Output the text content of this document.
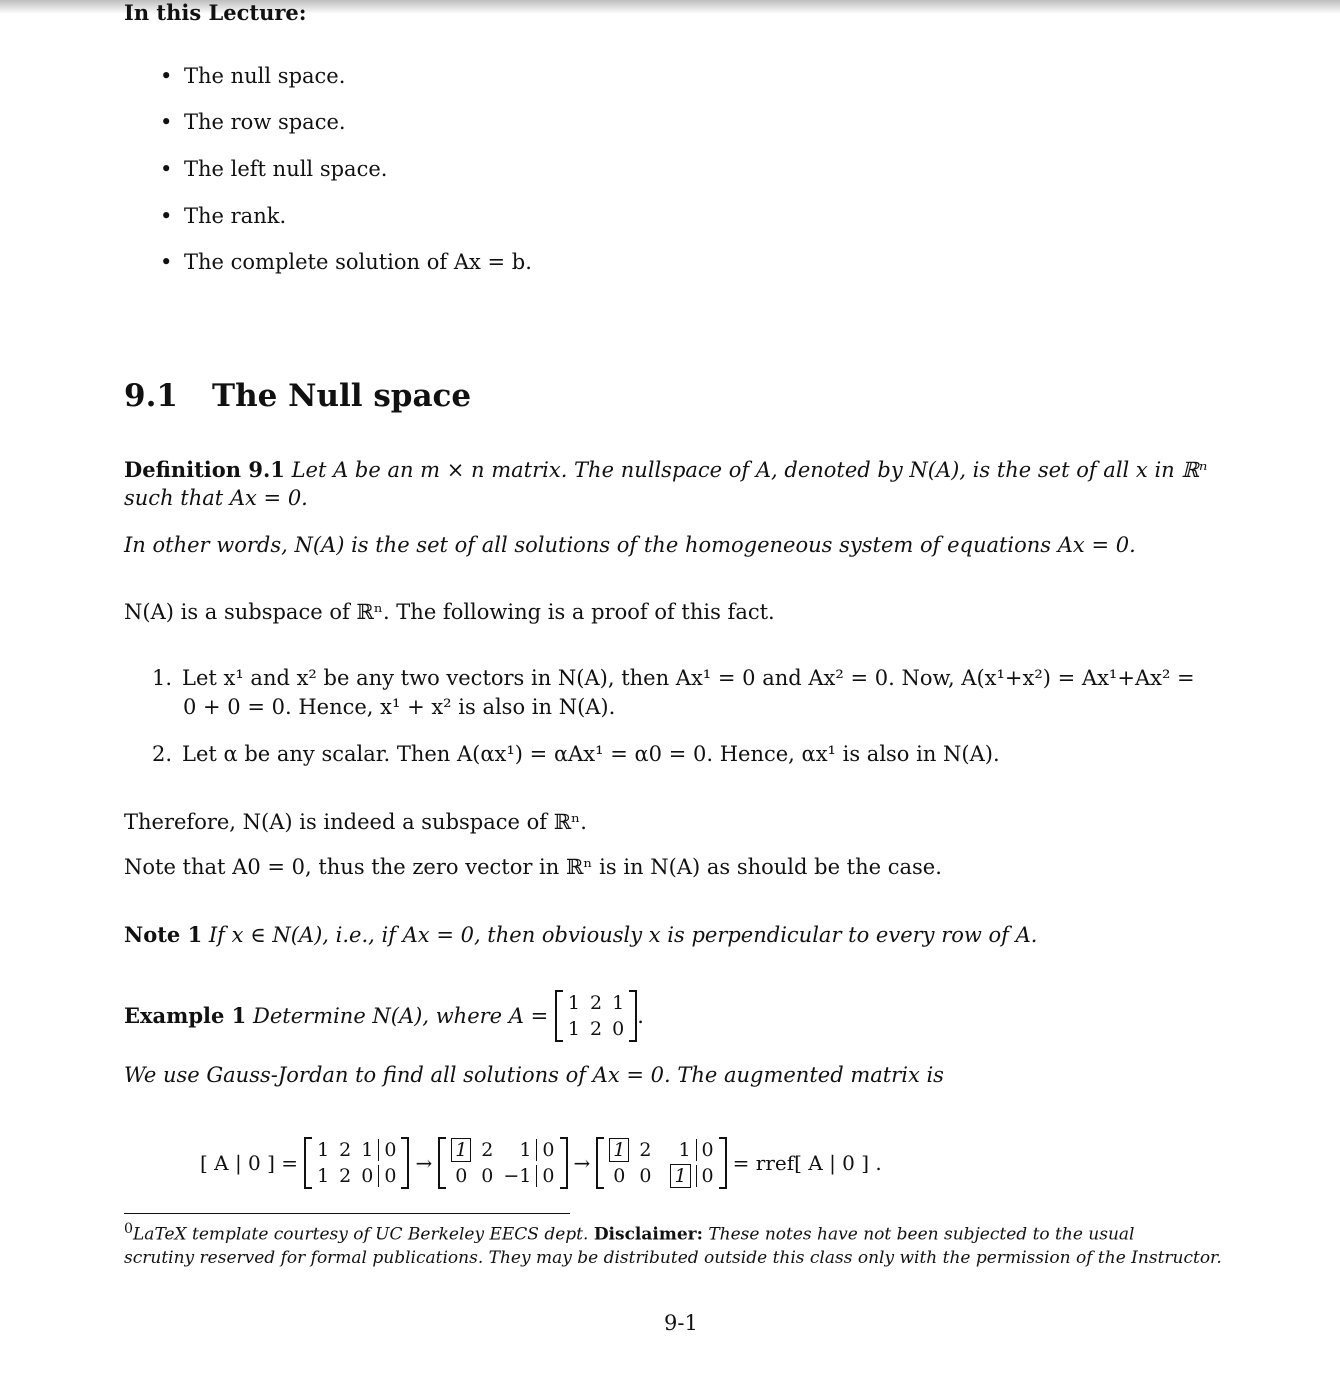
In this Lecture:
• The null space.
• The row space.
• The left null space.
• The rank.
• The complete solution of Ax = b.
9.1 The Null space
Definition 9.1 Let A be an m × n matrix. The nullspace of A, denoted by N(A), is the set of all x in ℝⁿ
such that Ax = 0.
In other words, N(A) is the set of all solutions of the homogeneous system of equations Ax = 0.
N(A) is a subspace of ℝⁿ. The following is a proof of this fact.
1. Let x¹ and x² be any two vectors in N(A), then Ax¹ = 0 and Ax² = 0. Now, A(x¹+x²) = Ax¹+Ax² =
0 + 0 = 0. Hence, x¹ + x² is also in N(A).
2. Let α be any scalar. Then A(αx¹) = αAx¹ = α0 = 0. Hence, αx¹ is also in N(A).
Therefore, N(A) is indeed a subspace of ℝⁿ.
Note that A0 = 0, thus the zero vector in ℝⁿ is in N(A) as should be the case.
Note 1 If x ∈ N(A), i.e., if Ax = 0, then obviously x is perpendicular to every row of A.
Example 1
Determine N(A), where A =

1 2 1
1 2 0
.
We use Gauss-Jordan to find all solutions of Ax = 0. The augmented matrix is
[ A | 0 ] =
1 2 1 0
1 2 0 0
→
1 2	1 0
0 0 −1 0
→
1 2	1 0
0 0	1 0
= rref[ A | 0 ] .
$^0$LaTeX template courtesy of UC Berkeley EECS dept. Disclaimer: These notes have not been subjected to the usual
scrutiny reserved for formal publications. They may be distributed outside this class only with the permission of the Instructor.
9-1
